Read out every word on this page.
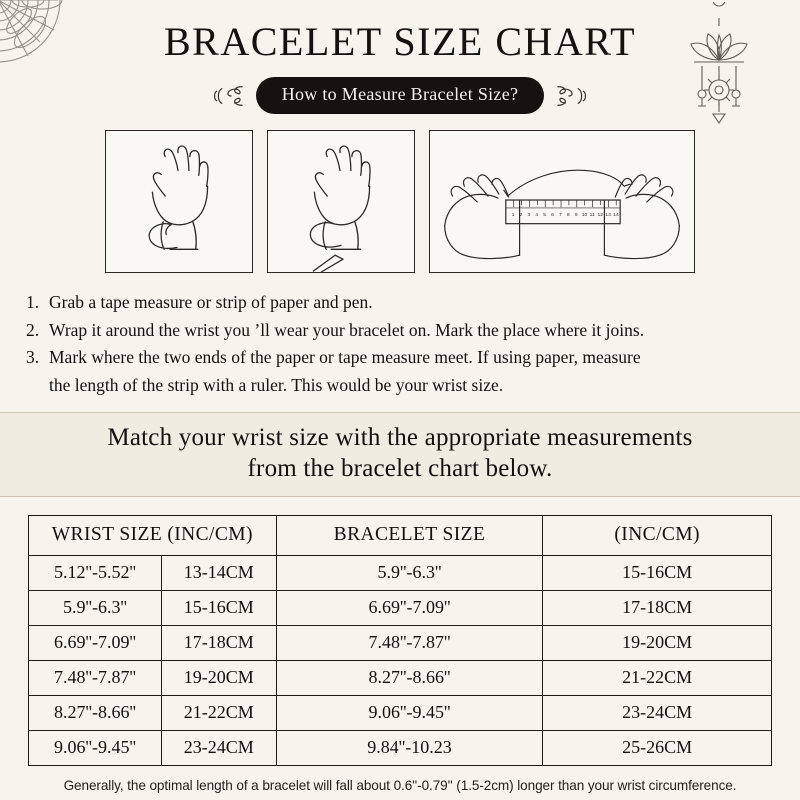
BRACELET SIZE CHART
How to Measure Bracelet Size?
1 2 3 4 5 6 7 8 9 10 11 12 13 14
1. Grab a tape measure or strip of paper and pen.
2. Wrap it around the wrist you ʼll wear your bracelet on. Mark the place where it joins.
3. Mark where the two ends of the paper or tape measure meet. If using paper, measure
the length of the strip with a ruler. This would be your wrist size.
Match your wrist size with the appropriate measurements
from the bracelet chart below.
WRIST SIZE (INC/CM)		BRACELET SIZE	(INC/CM)
5.12''-5.52''	13-14CM	5.9''-6.3''	15-16CM
5.9''-6.3''	15-16CM	6.69''-7.09''	17-18CM
6.69''-7.09''	17-18CM	7.48''-7.87''	19-20CM
7.48''-7.87''	19-20CM	8.27''-8.66''	21-22CM
8.27''-8.66''	21-22CM	9.06''-9.45''	23-24CM
9.06''-9.45''	23-24CM	9.84''-10.23	25-26CM
Generally, the optimal length of a bracelet will fall about 0.6''-0.79'' (1.5-2cm) longer than your wrist circumference.
